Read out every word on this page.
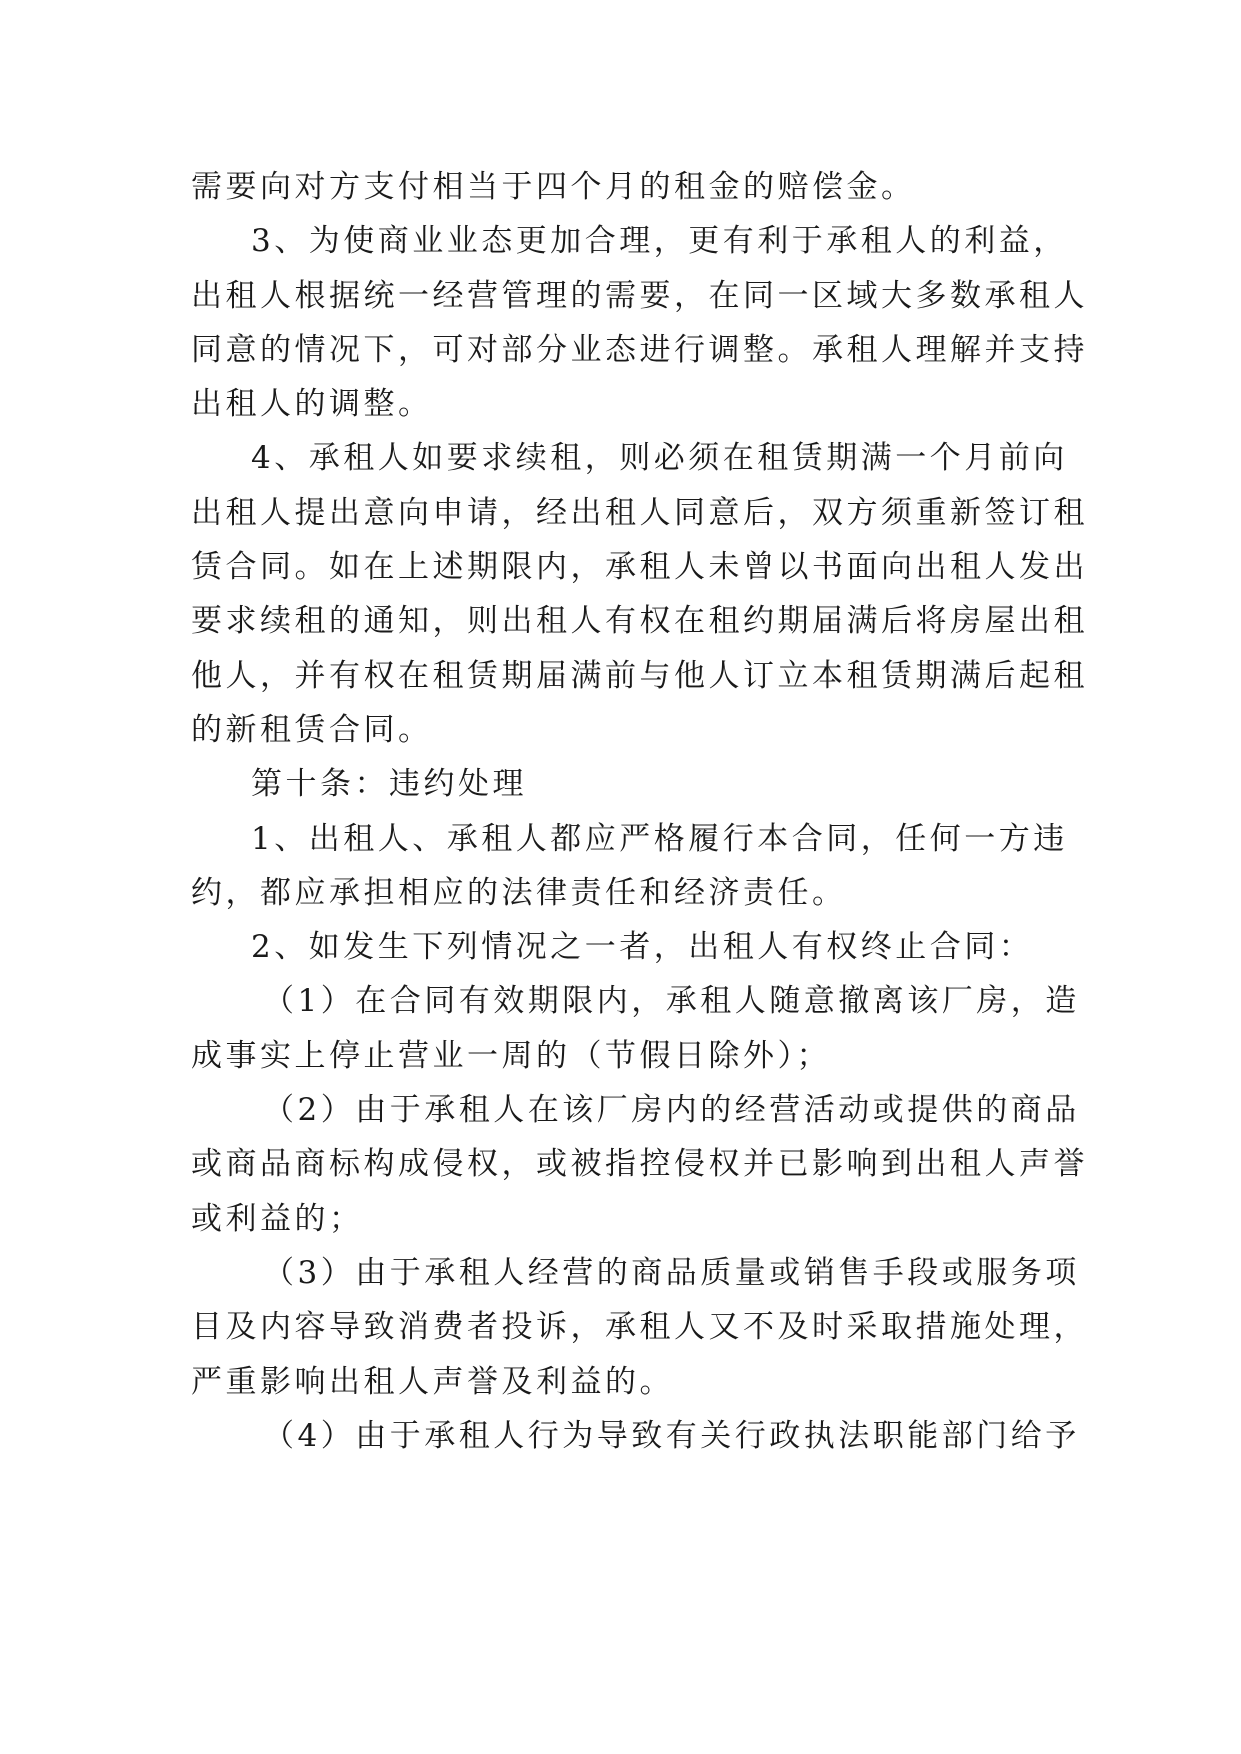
需要向对方支付相当于四个月的租金的赔偿金。
3、为使商业业态更加合理，更有利于承租人的利益，
出租人根据统一经营管理的需要，在同一区域大多数承租人
同意的情况下，可对部分业态进行调整。承租人理解并支持
出租人的调整。
4、承租人如要求续租，则必须在租赁期满一个月前向
出租人提出意向申请，经出租人同意后，双方须重新签订租
赁合同。如在上述期限内，承租人未曾以书面向出租人发出
要求续租的通知，则出租人有权在租约期届满后将房屋出租
他人，并有权在租赁期届满前与他人订立本租赁期满后起租
的新租赁合同。
第十条：违约处理
1、出租人、承租人都应严格履行本合同，任何一方违
约，都应承担相应的法律责任和经济责任。
2、如发生下列情况之一者，出租人有权终止合同：
（1）在合同有效期限内，承租人随意撤离该厂房，造
成事实上停止营业一周的（节假日除外）；
（2）由于承租人在该厂房内的经营活动或提供的商品
或商品商标构成侵权，或被指控侵权并已影响到出租人声誉
或利益的；
（3）由于承租人经营的商品质量或销售手段或服务项
目及内容导致消费者投诉，承租人又不及时采取措施处理，
严重影响出租人声誉及利益的。
（4）由于承租人行为导致有关行政执法职能部门给予
